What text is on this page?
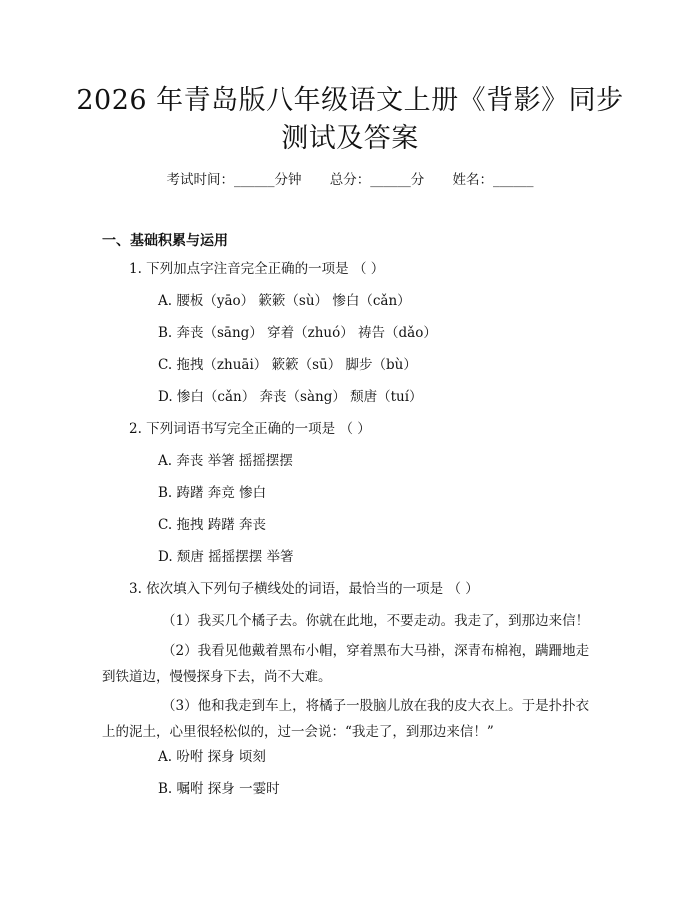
2026 年青岛版八年级语文上册《背影》同步
测试及答案
考试时间：______分钟 总分：______分 姓名：______
一、基础积累与运用
1. 下列加点字注音完全正确的一项是 （ ）
A. 腰板（yāo） 簌簌（sù） 惨白（cǎn）
B. 奔丧（sāng） 穿着（zhuó） 祷告（dǎo）
C. 拖拽（zhuāi） 簌簌（sū） 脚步（bù）
D. 惨白（cǎn） 奔丧（sàng） 颓唐（tuí）
2. 下列词语书写完全正确的一项是 （ ）
A. 奔丧 举箸 摇摇摆摆
B. 踌躇 奔竞 惨白
C. 拖拽 踌躇 奔丧
D. 颓唐 摇摇摆摆 举箸
3. 依次填入下列句子横线处的词语，最恰当的一项是 （ ）
（1）我买几个橘子去。你就在此地，不要走动。我走了，到那边来信！
（2）我看见他戴着黑布小帽，穿着黑布大马褂，深青布棉袍，蹒跚地走到铁道边，慢慢探身下去，尚不大难。
（3）他和我走到车上，将橘子一股脑儿放在我的皮大衣上。于是扑扑衣上的泥土，心里很轻松似的，过一会说：“我走了，到那边来信！”
A. 吩咐 探身 顷刻
B. 嘱咐 探身 一霎时
